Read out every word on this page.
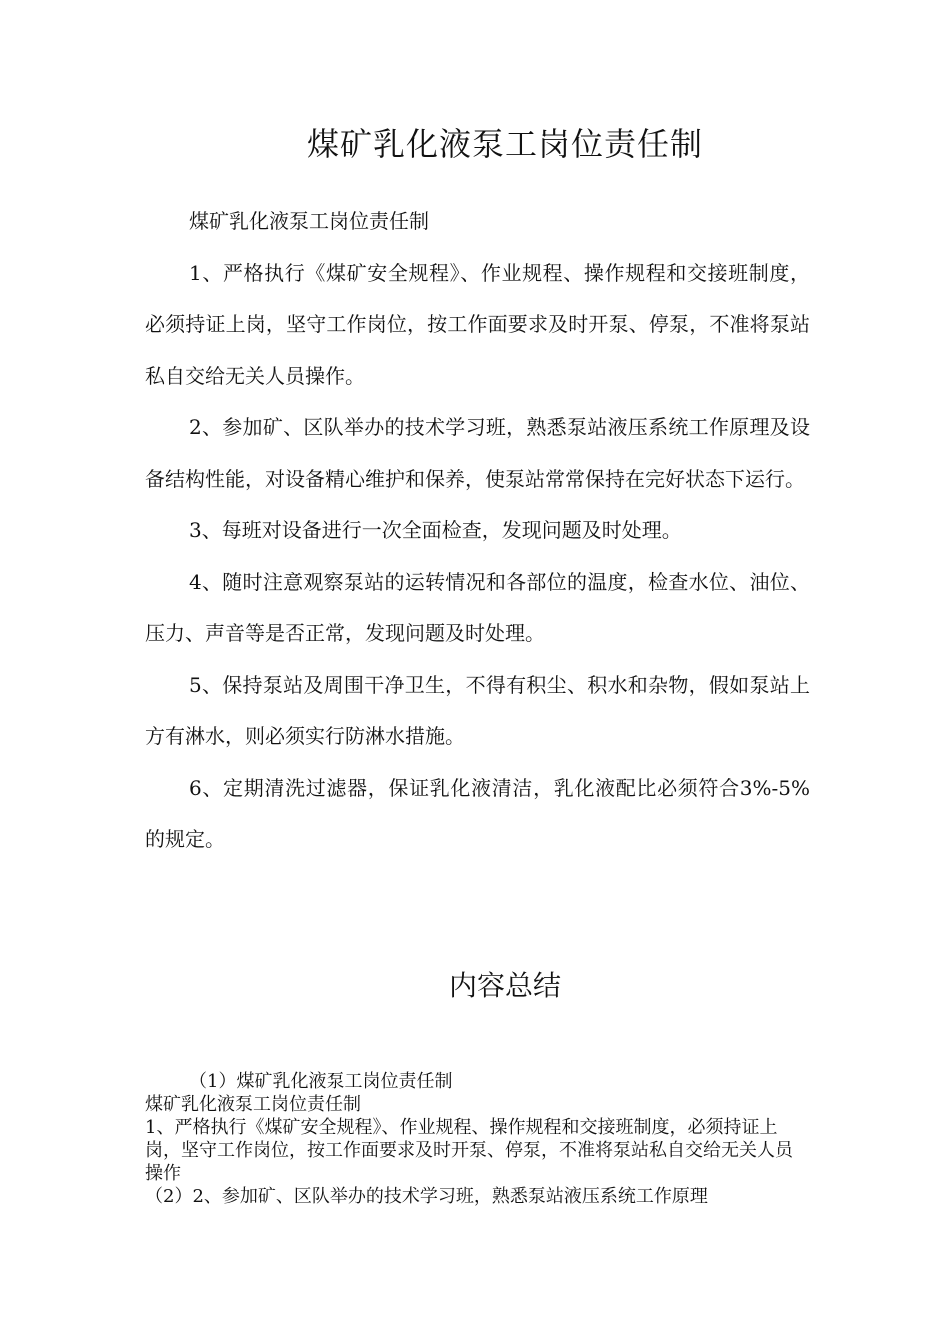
煤矿乳化液泵工岗位责任制

煤矿乳化液泵工岗位责任制

1、严格执行《煤矿安全规程》、作业规程、操作规程和交接班制度，必须持证上岗，坚守工作岗位，按工作面要求及时开泵、停泵，不准将泵站私自交给无关人员操作。

2、参加矿、区队举办的技术学习班，熟悉泵站液压系统工作原理及设备结构性能，对设备精心维护和保养，使泵站常常保持在完好状态下运行。

3、每班对设备进行一次全面检查，发现问题及时处理。

4、随时注意观察泵站的运转情况和各部位的温度，检查水位、油位、压力、声音等是否正常，发现问题及时处理。

5、保持泵站及周围干净卫生，不得有积尘、积水和杂物，假如泵站上方有淋水，则必须实行防淋水措施。

6、定期清洗过滤器，保证乳化液清洁，乳化液配比必须符合3%-5%的规定。

内容总结

（1）煤矿乳化液泵工岗位责任制

煤矿乳化液泵工岗位责任制

1、严格执行《煤矿安全规程》、作业规程、操作规程和交接班制度，必须持证上岗，坚守工作岗位，按工作面要求及时开泵、停泵，不准将泵站私自交给无关人员操作

（2）2、参加矿、区队举办的技术学习班，熟悉泵站液压系统工作原理
